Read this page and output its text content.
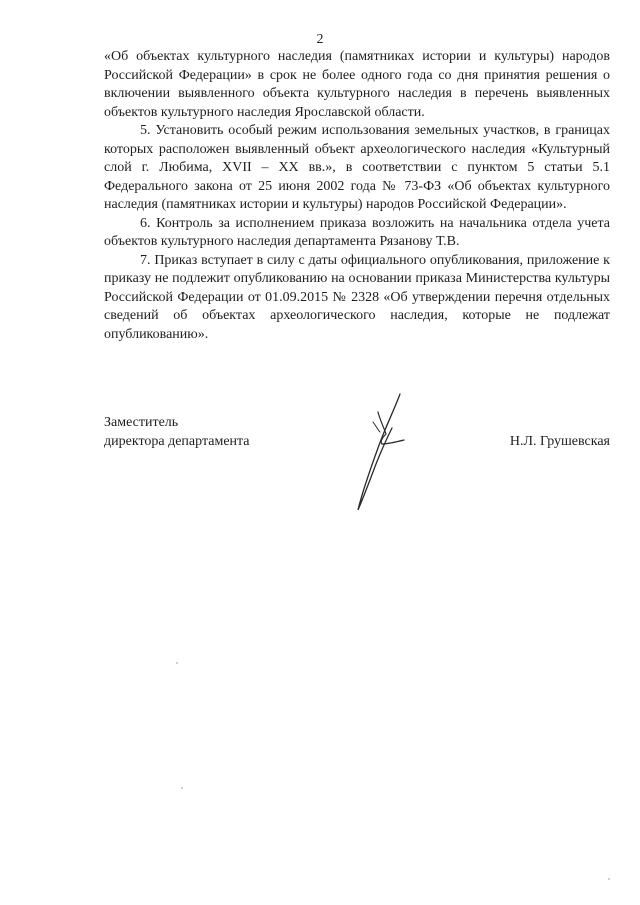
2

«Об объектах культурного наследия (памятниках истории и культуры) народов Российской Федерации» в срок не более одного года со дня принятия решения о включении выявленного объекта культурного наследия в перечень выявленных объектов культурного наследия Ярославской области.

5. Установить особый режим использования земельных участков, в границах которых расположен выявленный объект археологического наследия «Культурный слой г. Любима, XVII – XX вв.», в соответствии с пунктом 5 статьи 5.1 Федерального закона от 25 июня 2002 года № 73-ФЗ «Об объектах культурного наследия (памятниках истории и культуры) народов Российской Федерации».

6. Контроль за исполнением приказа возложить на начальника отдела учета объектов культурного наследия департамента Рязанову Т.В.

7. Приказ вступает в силу с даты официального опубликования, приложение к приказу не подлежит опубликованию на основании приказа Министерства культуры Российской Федерации от 01.09.2015 № 2328 «Об утверждении перечня отдельных сведений об объектах археологического наследия, которые не подлежат опубликованию».

Заместитель
директора департамента	Н.Л. Грушевская
